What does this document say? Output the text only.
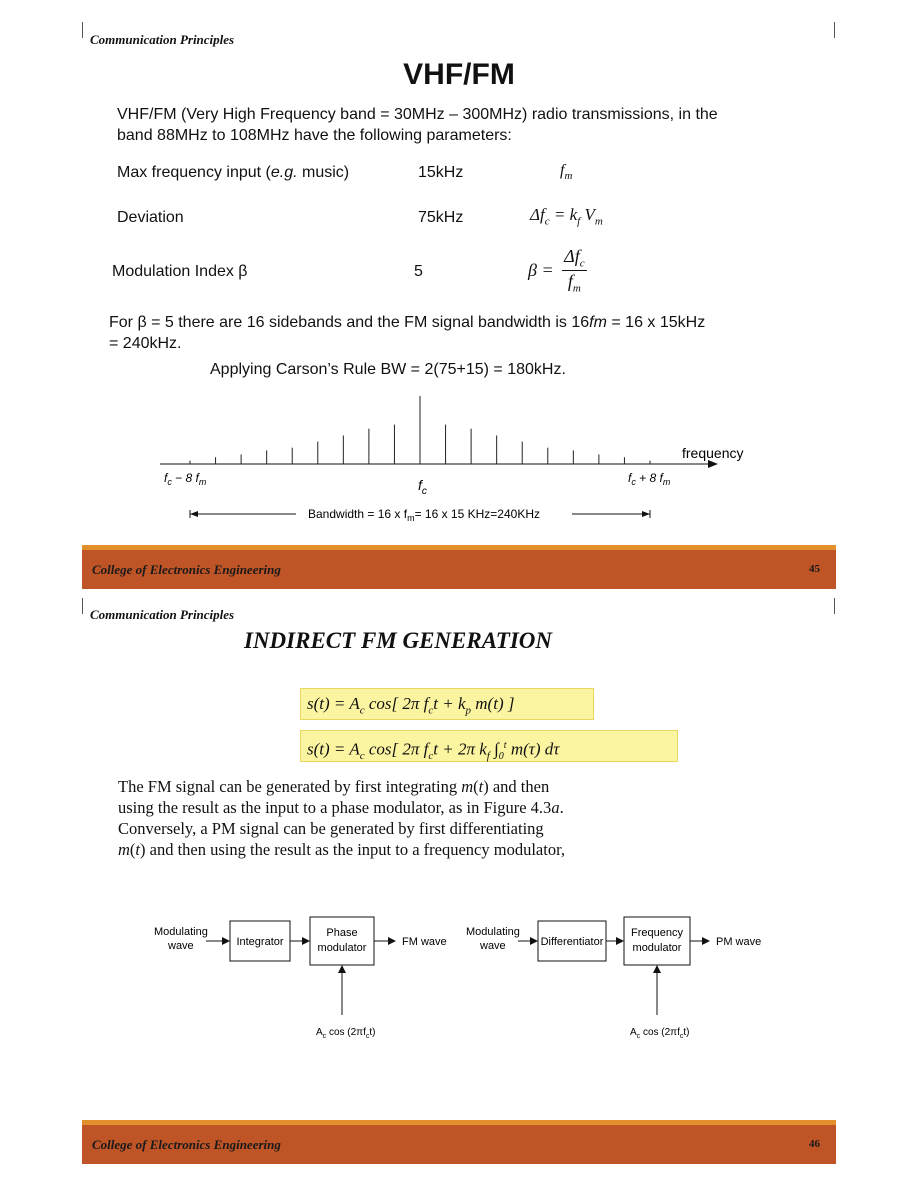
Communication Principles
VHF/FM
VHF/FM (Very High Frequency band = 30MHz – 300MHz) radio transmissions, in the
band 88MHz to 108MHz have the following parameters:
Max frequency input (e.g. music)	15kHz	$f_m$
Deviation	75kHz	$\Delta f_c = k_f$ $V_m$
Modulation Index β	5	β =
$\Delta f_c$
$f_m$
For β = 5 there are 16 sidebands and the FM signal bandwidth is 16fm = 16 x 15kHz
= 240kHz.
Applying Carson’s Rule BW = 2(75+15) = 180kHz.
frequency
$f_c - 8$ $f_m$	$f_c$
$f_c + 8$ $f_m$
Bandwidth = 16 x $f_m= 16$ x 15 KHz=240KHz
College of Electronics Engineering	45
Communication Principles
INDIRECT FM GENERATION
$s(t) = A_c$ cos[ 2π $f_ct + k_p$ m(t) ]
$s(t) = A_c$ cos[ 2π $f_ct + 2\pi$ $k_f$ $\int_0^t$ m(τ) dτ
The FM signal can be generated by first integrating m(t) and then
using the result as the input to a phase modulator, as in Figure 4.3a.
Conversely, a PM signal can be generated by first differentiating
m(t) and then using the result as the input to a frequency modulator,
Modulating
wave	Integrator
Phase
modulator	FM wave
$A_c$ $\cos (2\pi f_ct)$
Modulating
wave	Differentiator
Frequency
modulator	PM wave
$A_c$ $\cos (2\pi f_ct)$
College of Electronics Engineering	46
